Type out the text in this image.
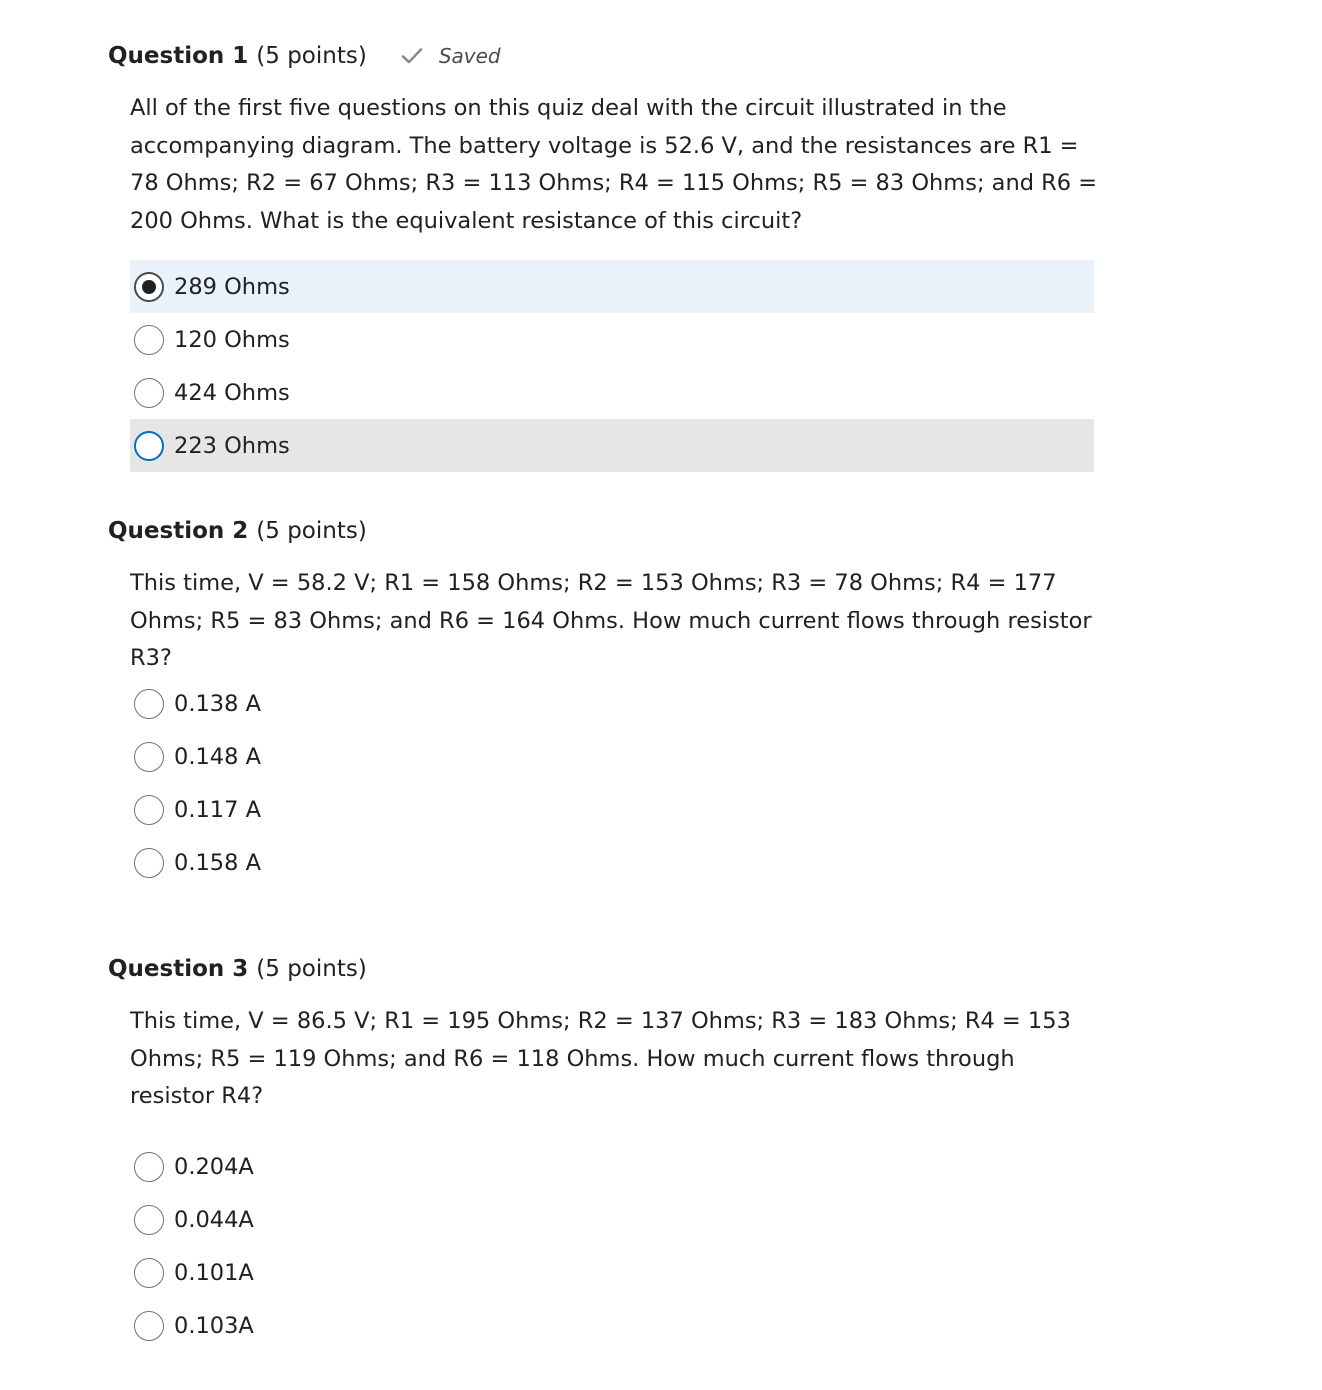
Question 1 (5 points)	Saved

All of the first five questions on this quiz deal with the circuit illustrated in the accompanying diagram. The battery voltage is 52.6 V, and the resistances are R1 = 78 Ohms; R2 = 67 Ohms; R3 = 113 Ohms; R4 = 115 Ohms; R5 = 83 Ohms; and R6 = 200 Ohms. What is the equivalent resistance of this circuit?

289 Ohms
120 Ohms
424 Ohms
223 Ohms
Question 2 (5 points)

This time, V = 58.2 V; R1 = 158 Ohms; R2 = 153 Ohms; R3 = 78 Ohms; R4 = 177 Ohms; R5 = 83 Ohms; and R6 = 164 Ohms. How much current flows through resistor R3?

0.138 A
0.148 A
0.117 A
0.158 A
Question 3 (5 points)

This time, V = 86.5 V; R1 = 195 Ohms; R2 = 137 Ohms; R3 = 183 Ohms; R4 = 153 Ohms; R5 = 119 Ohms; and R6 = 118 Ohms. How much current flows through resistor R4?

0.204A
0.044A
0.101A
0.103A
